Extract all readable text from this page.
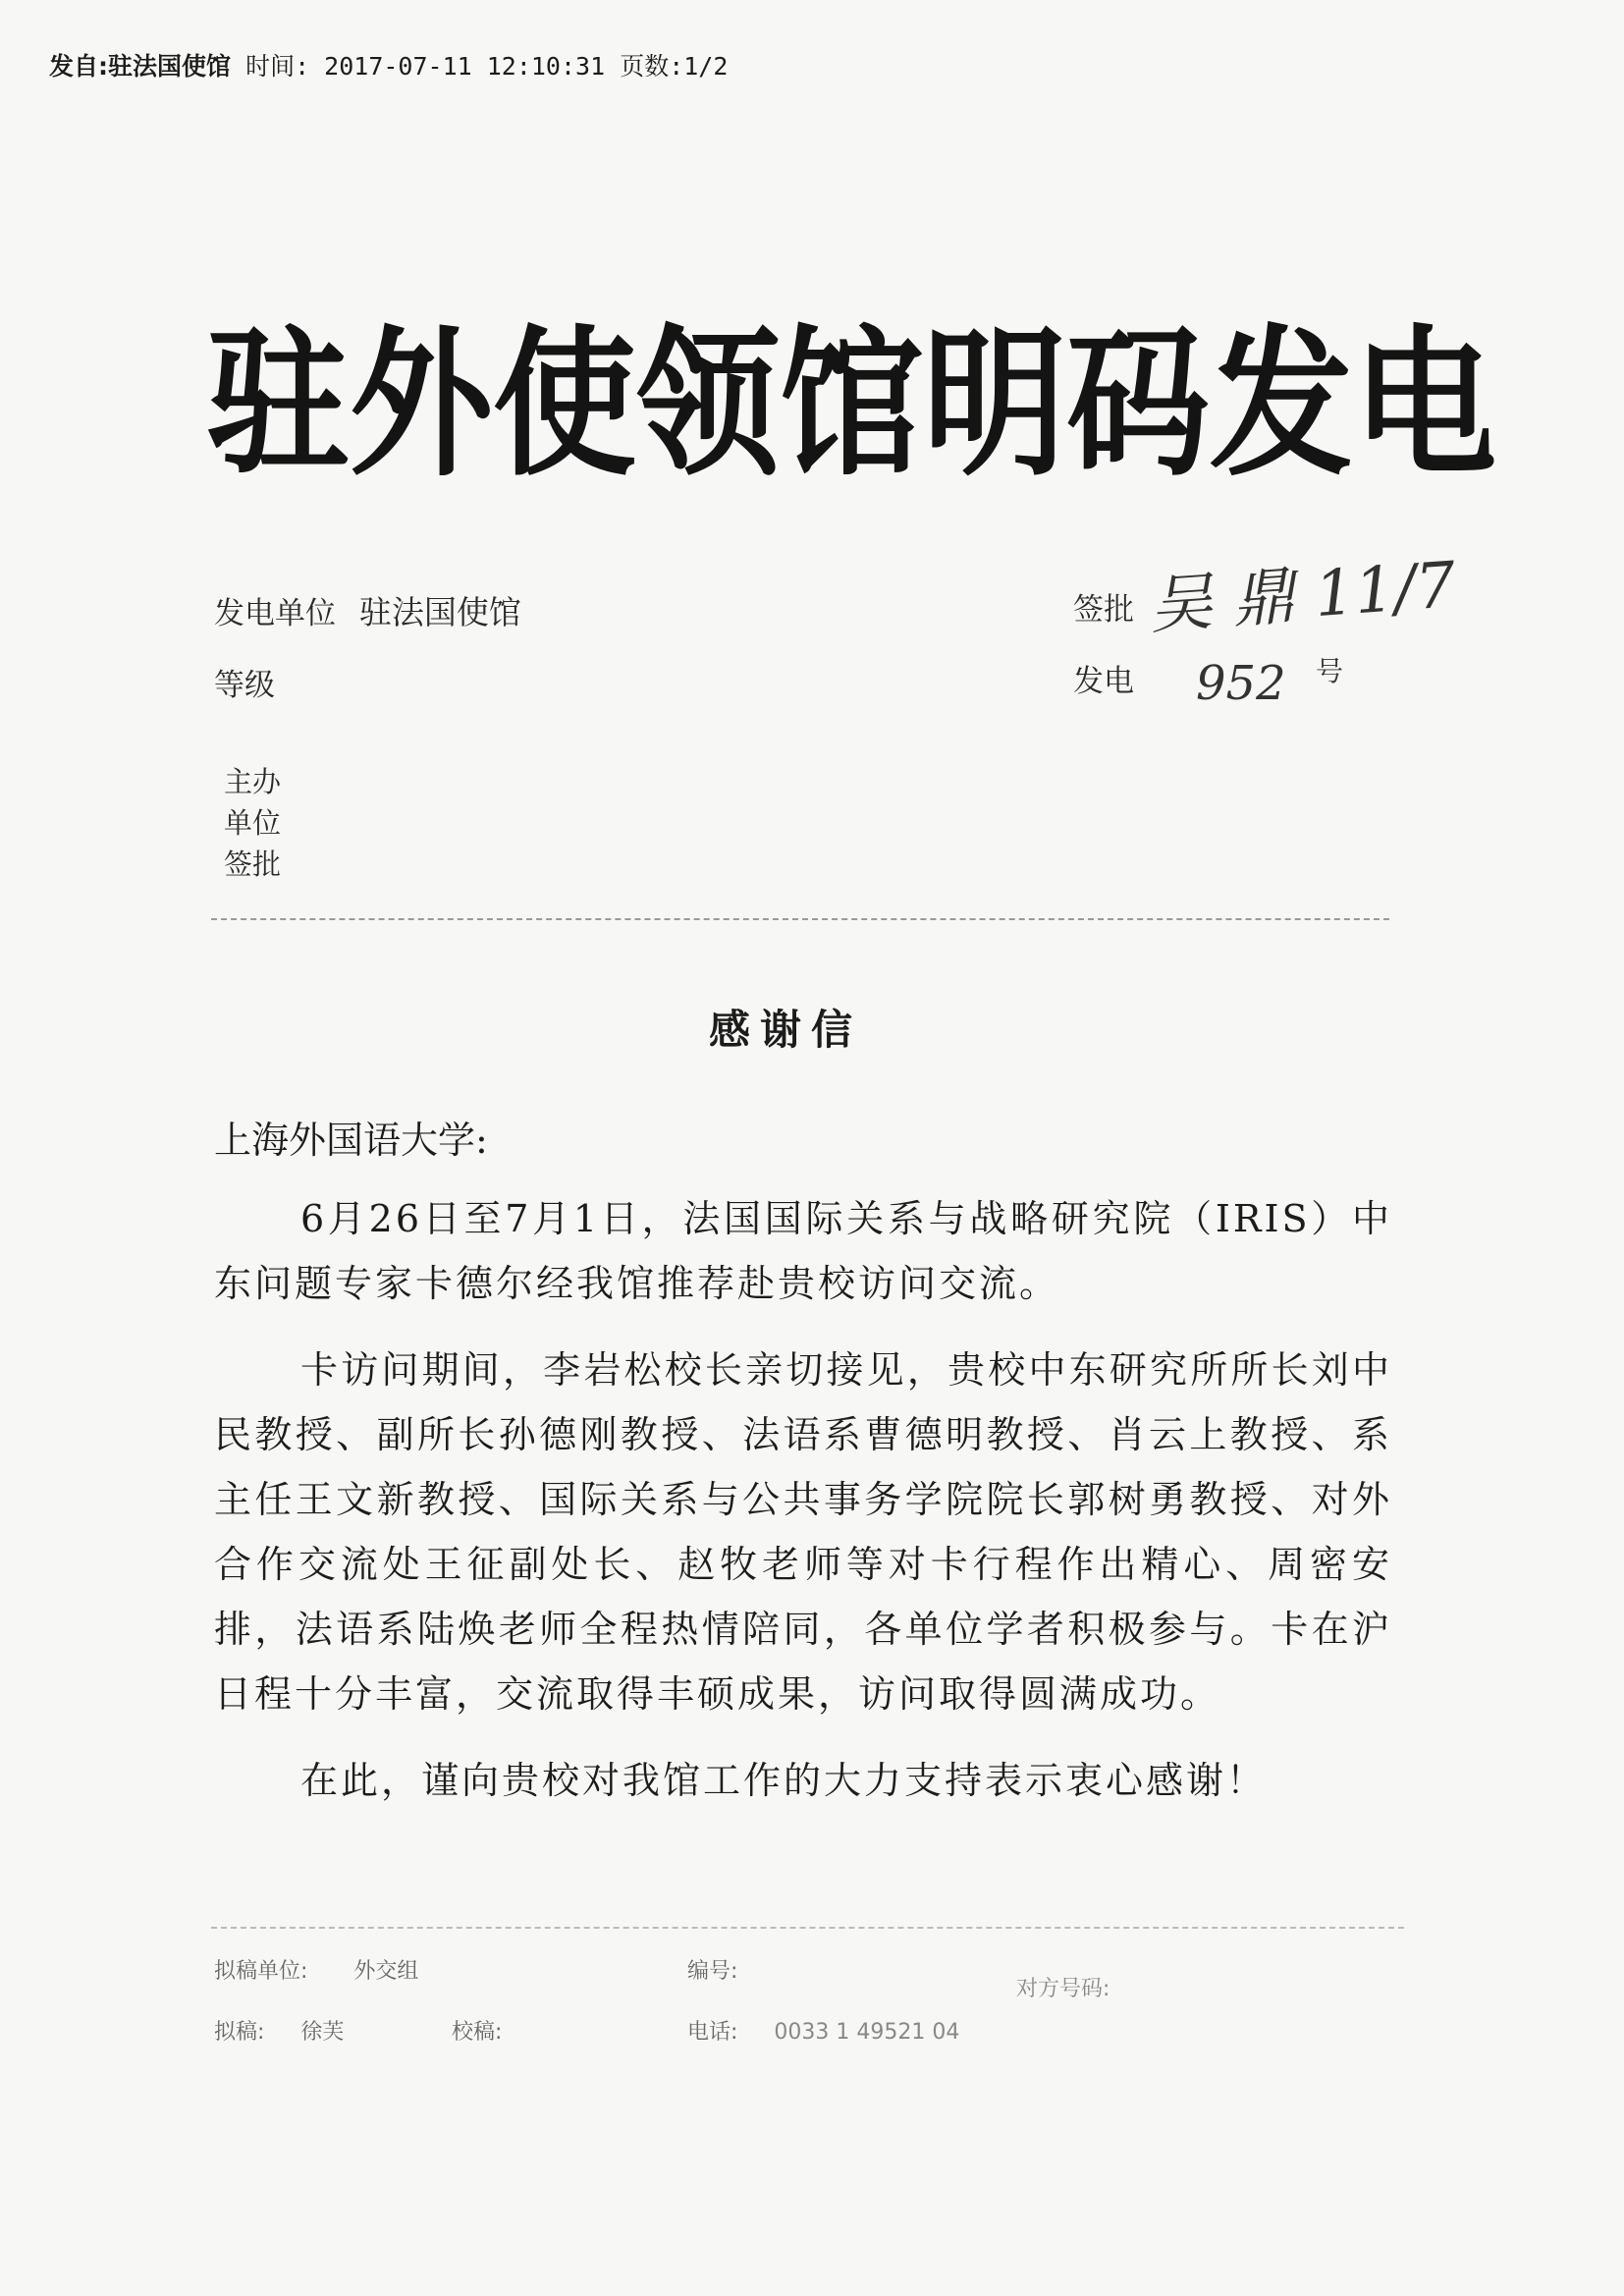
发自:驻法国使馆 时间: 2017-07-11 12:10:31 页数:1/2
驻外使领馆明码发电
发电单位 驻法国使馆
等级
签批 吴 鼎 11/7
发电 952 号
主办
单位
签批
感谢信
上海外国语大学:

6月26日至7月1日，法国国际关系与战略研究院（IRIS）中东问题专家卡德尔经我馆推荐赴贵校访问交流。

卡访问期间，李岩松校长亲切接见，贵校中东研究所所长刘中民教授、副所长孙德刚教授、法语系曹德明教授、肖云上教授、系主任王文新教授、国际关系与公共事务学院院长郭树勇教授、对外合作交流处王征副处长、赵牧老师等对卡行程作出精心、周密安排，法语系陆焕老师全程热情陪同，各单位学者积极参与。卡在沪日程十分丰富，交流取得丰硕成果，访问取得圆满成功。

在此，谨向贵校对我馆工作的大力支持表示衷心感谢！

拟稿单位: 外交组	编号:
对方号码:
拟稿: 徐芙	校稿:	电话: 0033 1 49521 04
